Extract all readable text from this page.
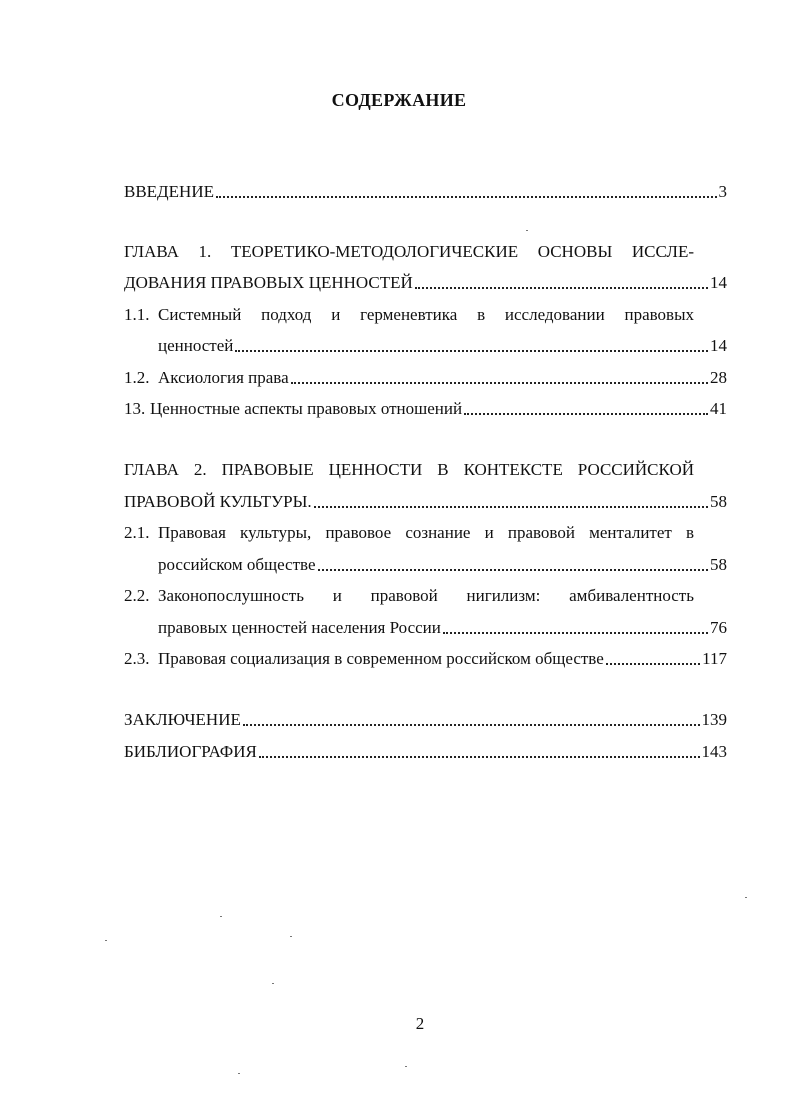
СОДЕРЖАНИЕ
ВВЕДЕНИЕ	3
ГЛАВА 1. ТЕОРЕТИКО-МЕТОДОЛОГИЧЕСКИЕ ОСНОВЫ ИССЛЕ-
ДОВАНИЯ ПРАВОВЫХ ЦЕННОСТЕЙ	14
1.1. Системный подход и герменевтика в исследовании правовых
ценностей	14
1.2. Аксиология права	28
13. Ценностные аспекты правовых отношений	41
ГЛАВА 2. ПРАВОВЫЕ ЦЕННОСТИ В КОНТЕКСТЕ РОССИЙСКОЙ
ПРАВОВОЙ КУЛЬТУРЫ.	58
2.1. Правовая культуры, правовое сознание и правовой менталитет в
российском обществе	58
2.2. Законопослушность и правовой нигилизм: амбивалентность
правовых ценностей населения России	76
2.3. Правовая социализация в современном российском обществе	117
ЗАКЛЮЧЕНИЕ	139
БИБЛИОГРАФИЯ	143
2
